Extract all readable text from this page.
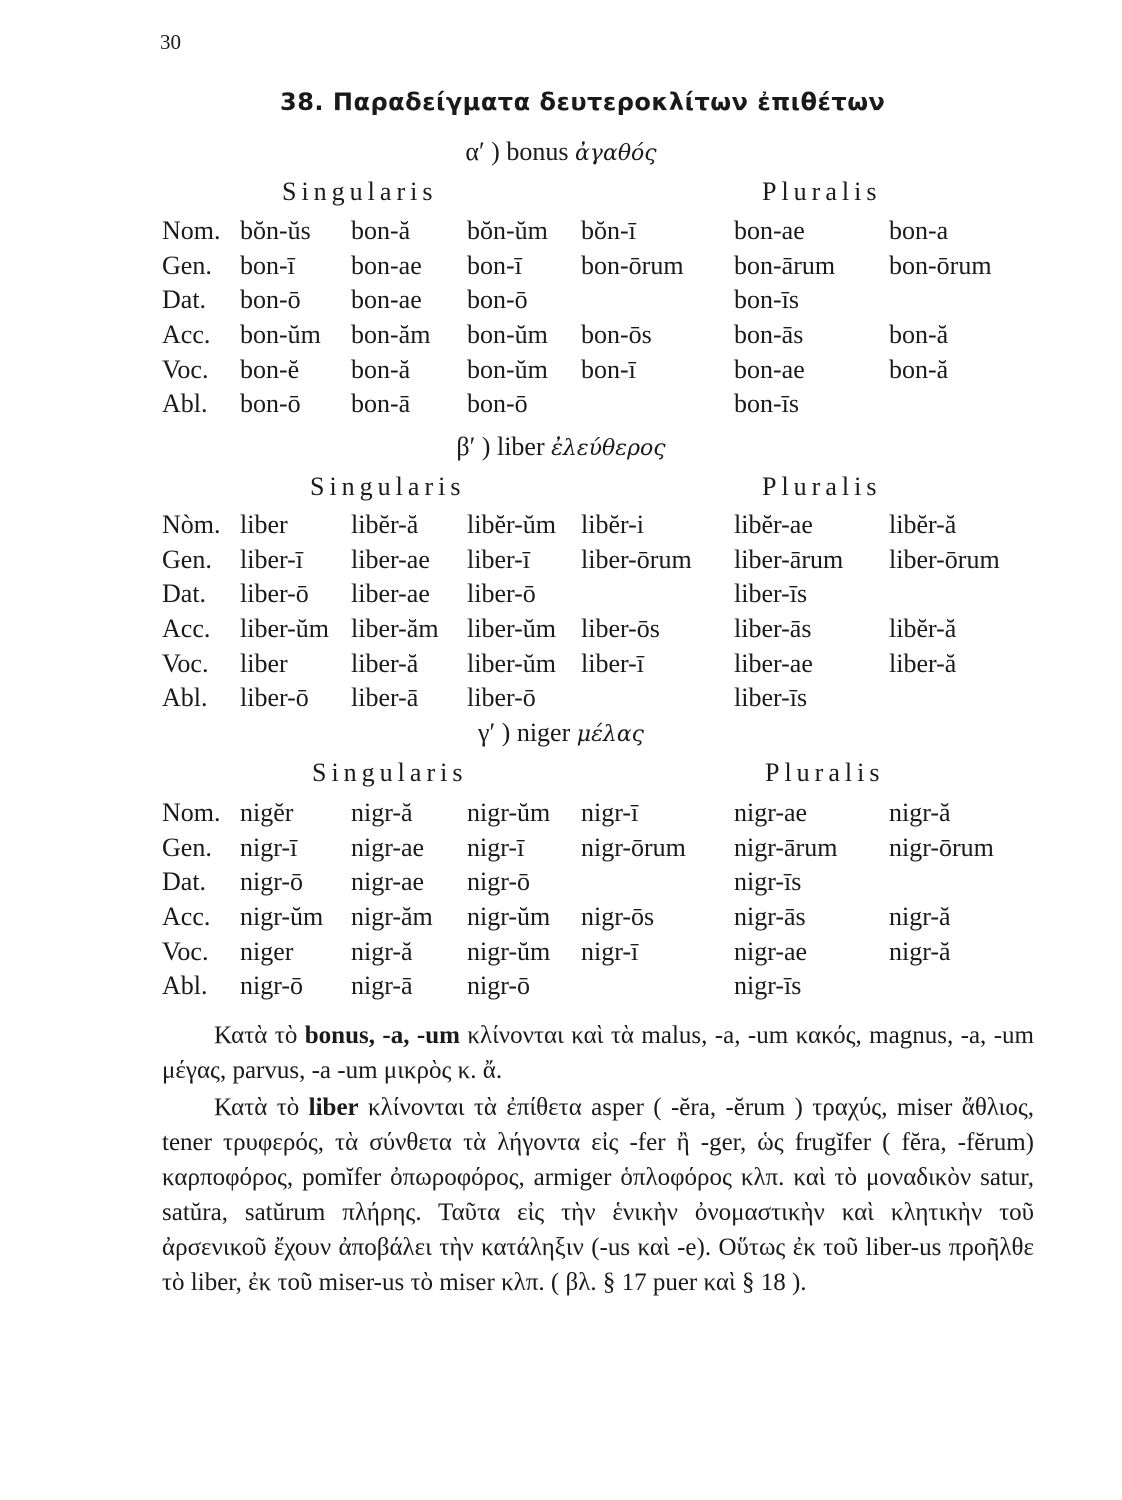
30
38. Παραδείγματα δευτεροκλίτων ἐπιθέτων
α′ ) bonus ἀγαθός
Singularis	Pluralis
Nom.	bŏn-ŭs	bon-ă	bŏn-ŭm	bŏn-ī	bon-ae	bon-a
Gen.	bon-ī	bon-ae	bon-ī	bon-ōrum	bon-ārum	bon-ōrum
Dat.	bon-ō	bon-ae	bon-ō		bon-īs	
Acc.	bon-ŭm	bon-ăm	bon-ŭm	bon-ōs	bon-ās	bon-ă
Voc.	bon-ĕ	bon-ă	bon-ŭm	bon-ī	bon-ae	bon-ă
Abl.	bon-ō	bon-ā	bon-ō		bon-īs	
β′ ) liber ἐλεύθερος
Singularis	Pluralis
Nòm.	liber	libĕr-ă	libĕr-ŭm	libĕr-i	libĕr-ae	libĕr-ă
Gen.	liber-ī	liber-ae	liber-ī	liber-ōrum	liber-ārum	liber-ōrum
Dat.	liber-ō	liber-ae	liber-ō		liber-īs	
Acc.	liber-ŭm	liber-ăm	liber-ŭm	liber-ōs	liber-ās	libĕr-ă
Voc.	liber	liber-ă	liber-ŭm	liber-ī	liber-ae	liber-ă
Abl.	liber-ō	liber-ā	liber-ō		liber-īs	
γ′ ) niger μέλας
Singularis	Pluralis
Nom.	nigĕr	nigr-ă	nigr-ŭm	nigr-ī	nigr-ae	nigr-ă
Gen.	nigr-ī	nigr-ae	nigr-ī	nigr-ōrum	nigr-ārum	nigr-ōrum
Dat.	nigr-ō	nigr-ae	nigr-ō		nigr-īs	
Acc.	nigr-ŭm	nigr-ăm	nigr-ŭm	nigr-ōs	nigr-ās	nigr-ă
Voc.	niger	nigr-ă	nigr-ŭm	nigr-ī	nigr-ae	nigr-ă
Abl.	nigr-ō	nigr-ā	nigr-ō		nigr-īs	

Κατὰ τὸ bonus, -a, -um κλίνονται καὶ τὰ malus, -a, -um κακός, magnus, -a, -um μέγας, parvus, -a -um μικρὸς κ. ἄ.

Κατὰ τὸ liber κλίνονται τὰ ἐπίθετα asper ( -ĕra, -ĕrum ) τραχύς, miser ἄθλιος, tener τρυφερός, τὰ σύνθετα τὰ λήγοντα εἰς -fer ἢ -ger, ὡς frugĭfer ( fĕra, -fĕrum) καρποφόρος, pomĭfer ὀπωροφόρος, armiger ὁπλοφόρος κλπ. καὶ τὸ μοναδικὸν satur, satŭra, satŭrum πλήρης. Ταῦτα εἰς τὴν ἑνικὴν ὀνομαστικὴν καὶ κλητικὴν τοῦ ἀρσενικοῦ ἔχουν ἀποβάλει τὴν κατάληξιν (-us καὶ -e). Οὕτως ἐκ τοῦ liber-us προῆλθε τὸ liber, ἐκ τοῦ miser-us τὸ miser κλπ. ( βλ. § 17 puer καὶ § 18 ).
